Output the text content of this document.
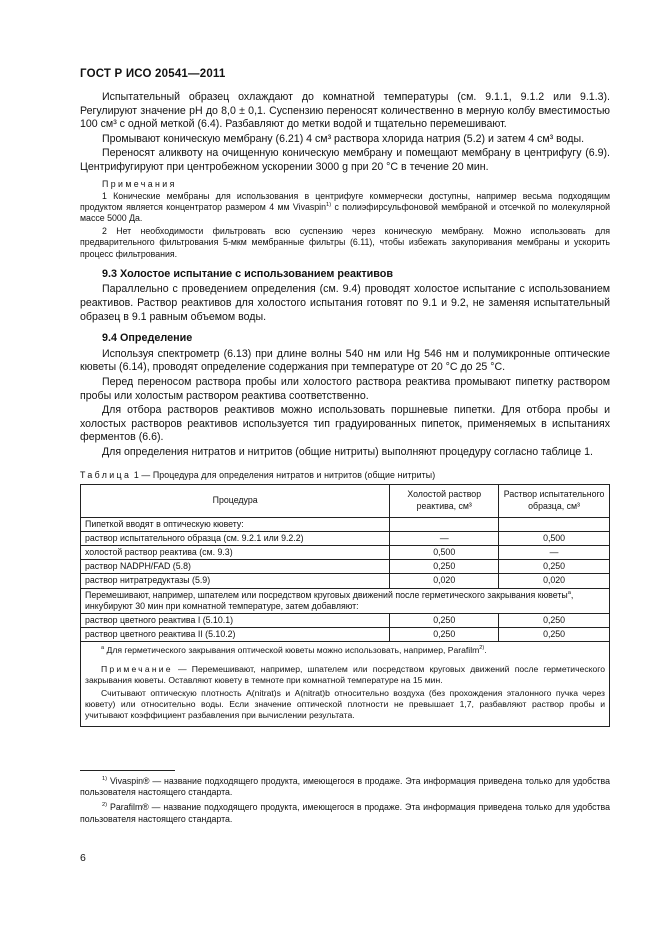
ГОСТ Р ИСО 20541—2011

Испытательный образец охлаждают до комнатной температуры (см. 9.1.1, 9.1.2 или 9.1.3). Регулируют значение pH до 8,0 ± 0,1. Суспензию переносят количественно в мерную колбу вместимостью 100 см³ с одной меткой (6.4). Разбавляют до метки водой и тщательно перемешивают.

Промывают коническую мембрану (6.21) 4 см³ раствора хлорида натрия (5.2) и затем 4 см³ воды.

Переносят аликвоту на очищенную коническую мембрану и помещают мембрану в центрифугу (6.9). Центрифугируют при центробежном ускорении 3000 g при 20 °С в течение 20 мин.

Примечания

1 Конические мембраны для использования в центрифуге коммерчески доступны, например весьма подходящим продуктом является концентратор размером 4 мм Vivaspin$^{1)}$ с полиэфирсульфоновой мембраной и отсечкой по молекулярной массе 5000 Да.

2 Нет необходимости фильтровать всю суспензию через коническую мембрану. Можно использовать для предварительного фильтрования 5-мкм мембранные фильтры (6.11), чтобы избежать закупоривания мембраны и ускорить процесс фильтрования.

9.3 Холостое испытание с использованием реактивов

Параллельно с проведением определения (см. 9.4) проводят холостое испытание с использованием реактивов. Раствор реактивов для холостого испытания готовят по 9.1 и 9.2, не заменяя испытательный образец в 9.1 равным объемом воды.

9.4 Определение

Используя спектрометр (6.13) при длине волны 540 нм или Hg 546 нм и полумикронные оптические кюветы (6.14), проводят определение содержания при температуре от 20 °С до 25 °С.

Перед переносом раствора пробы или холостого раствора реактива промывают пипетку раствором пробы или холостым раствором реактива соответственно.

Для отбора растворов реактивов можно использовать поршневые пипетки. Для отбора пробы и холостых растворов реактивов используется тип градуированных пипеток, применяемых в испытаниях ферментов (6.6).

Для определения нитратов и нитритов (общие нитриты) выполняют процедуру согласно таблице 1.

Таблица 1 — Процедура для определения нитратов и нитритов (общие нитриты)
Процедура	Холостой раствор реактива, см³	Раствор испытательного образца, см³
Пипеткой вводят в оптическую кювету:		
раствор испытательного образца (см. 9.2.1 или 9.2.2)	—	0,500
холостой раствор реактива (см. 9.3)	0,500	—
раствор NADPH/FAD (5.8)	0,250	0,250
раствор нитратредуктазы (5.9)	0,020	0,020
Перемешивают, например, шпателем или посредством круговых движений после герметического закрывания кюветы$^a$, инкубируют 30 мин при комнатной температуре, затем добавляют:		
раствор цветного реактива I (5.10.1)	0,250	0,250
раствор цветного реактива II (5.10.2)	0,250	0,250

$^a$ Для герметического закрывания оптической кюветы можно использовать, например, Parafilm$^{2)}$.

Примечание — Перемешивают, например, шпателем или посредством круговых движений после герметического закрывания кюветы. Оставляют кювету в темноте при комнатной температуре на 15 мин.

Считывают оптическую плотность A(nitrat)s и A(nitrat)b относительно воздуха (без прохождения эталонного пучка через кювету) или относительно воды. Если значение оптической плотности не превышает 1,7, разбавляют раствор пробы и учитывают коэффициент разбавления при вычислении результата.		

$^{1)}$ Vivaspin® — название подходящего продукта, имеющегося в продаже. Эта информация приведена только для удобства пользователя настоящего стандарта.

$^{2)}$ Parafilm® — название подходящего продукта, имеющегося в продаже. Эта информация приведена только для удобства пользователя настоящего стандарта.

6
